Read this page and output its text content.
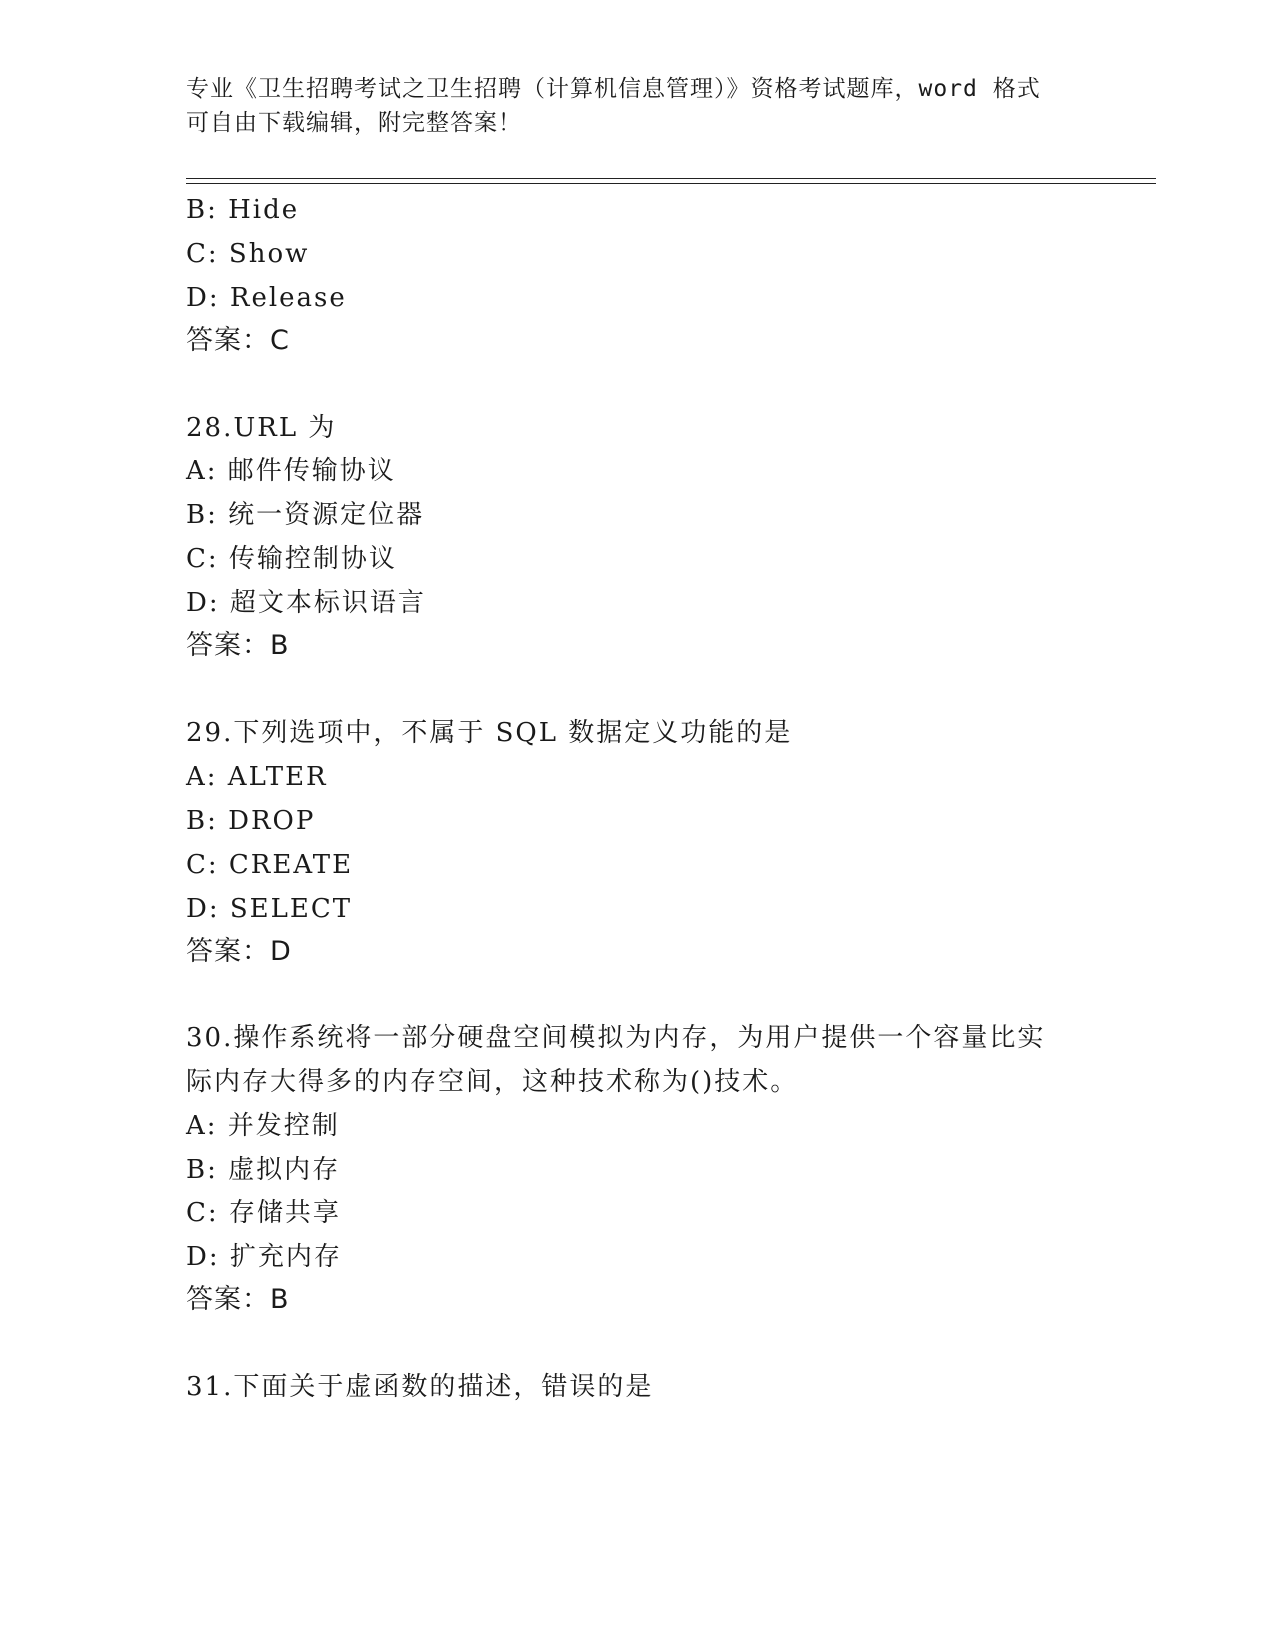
专业《卫生招聘考试之卫生招聘（计算机信息管理）》资格考试题库，word 格式
可自由下载编辑，附完整答案！
B: Hide
C: Show
D: Release
答案：C
28.URL 为
A: 邮件传输协议
B: 统一资源定位器
C: 传输控制协议
D: 超文本标识语言
答案：B
29.下列选项中，不属于 SQL 数据定义功能的是
A: ALTER
B: DROP
C: CREATE
D: SELECT
答案：D
30.操作系统将一部分硬盘空间模拟为内存，为用户提供一个容量比实
际内存大得多的内存空间，这种技术称为()技术。
A: 并发控制
B: 虚拟内存
C: 存储共享
D: 扩充内存
答案：B
31.下面关于虚函数的描述，错误的是
